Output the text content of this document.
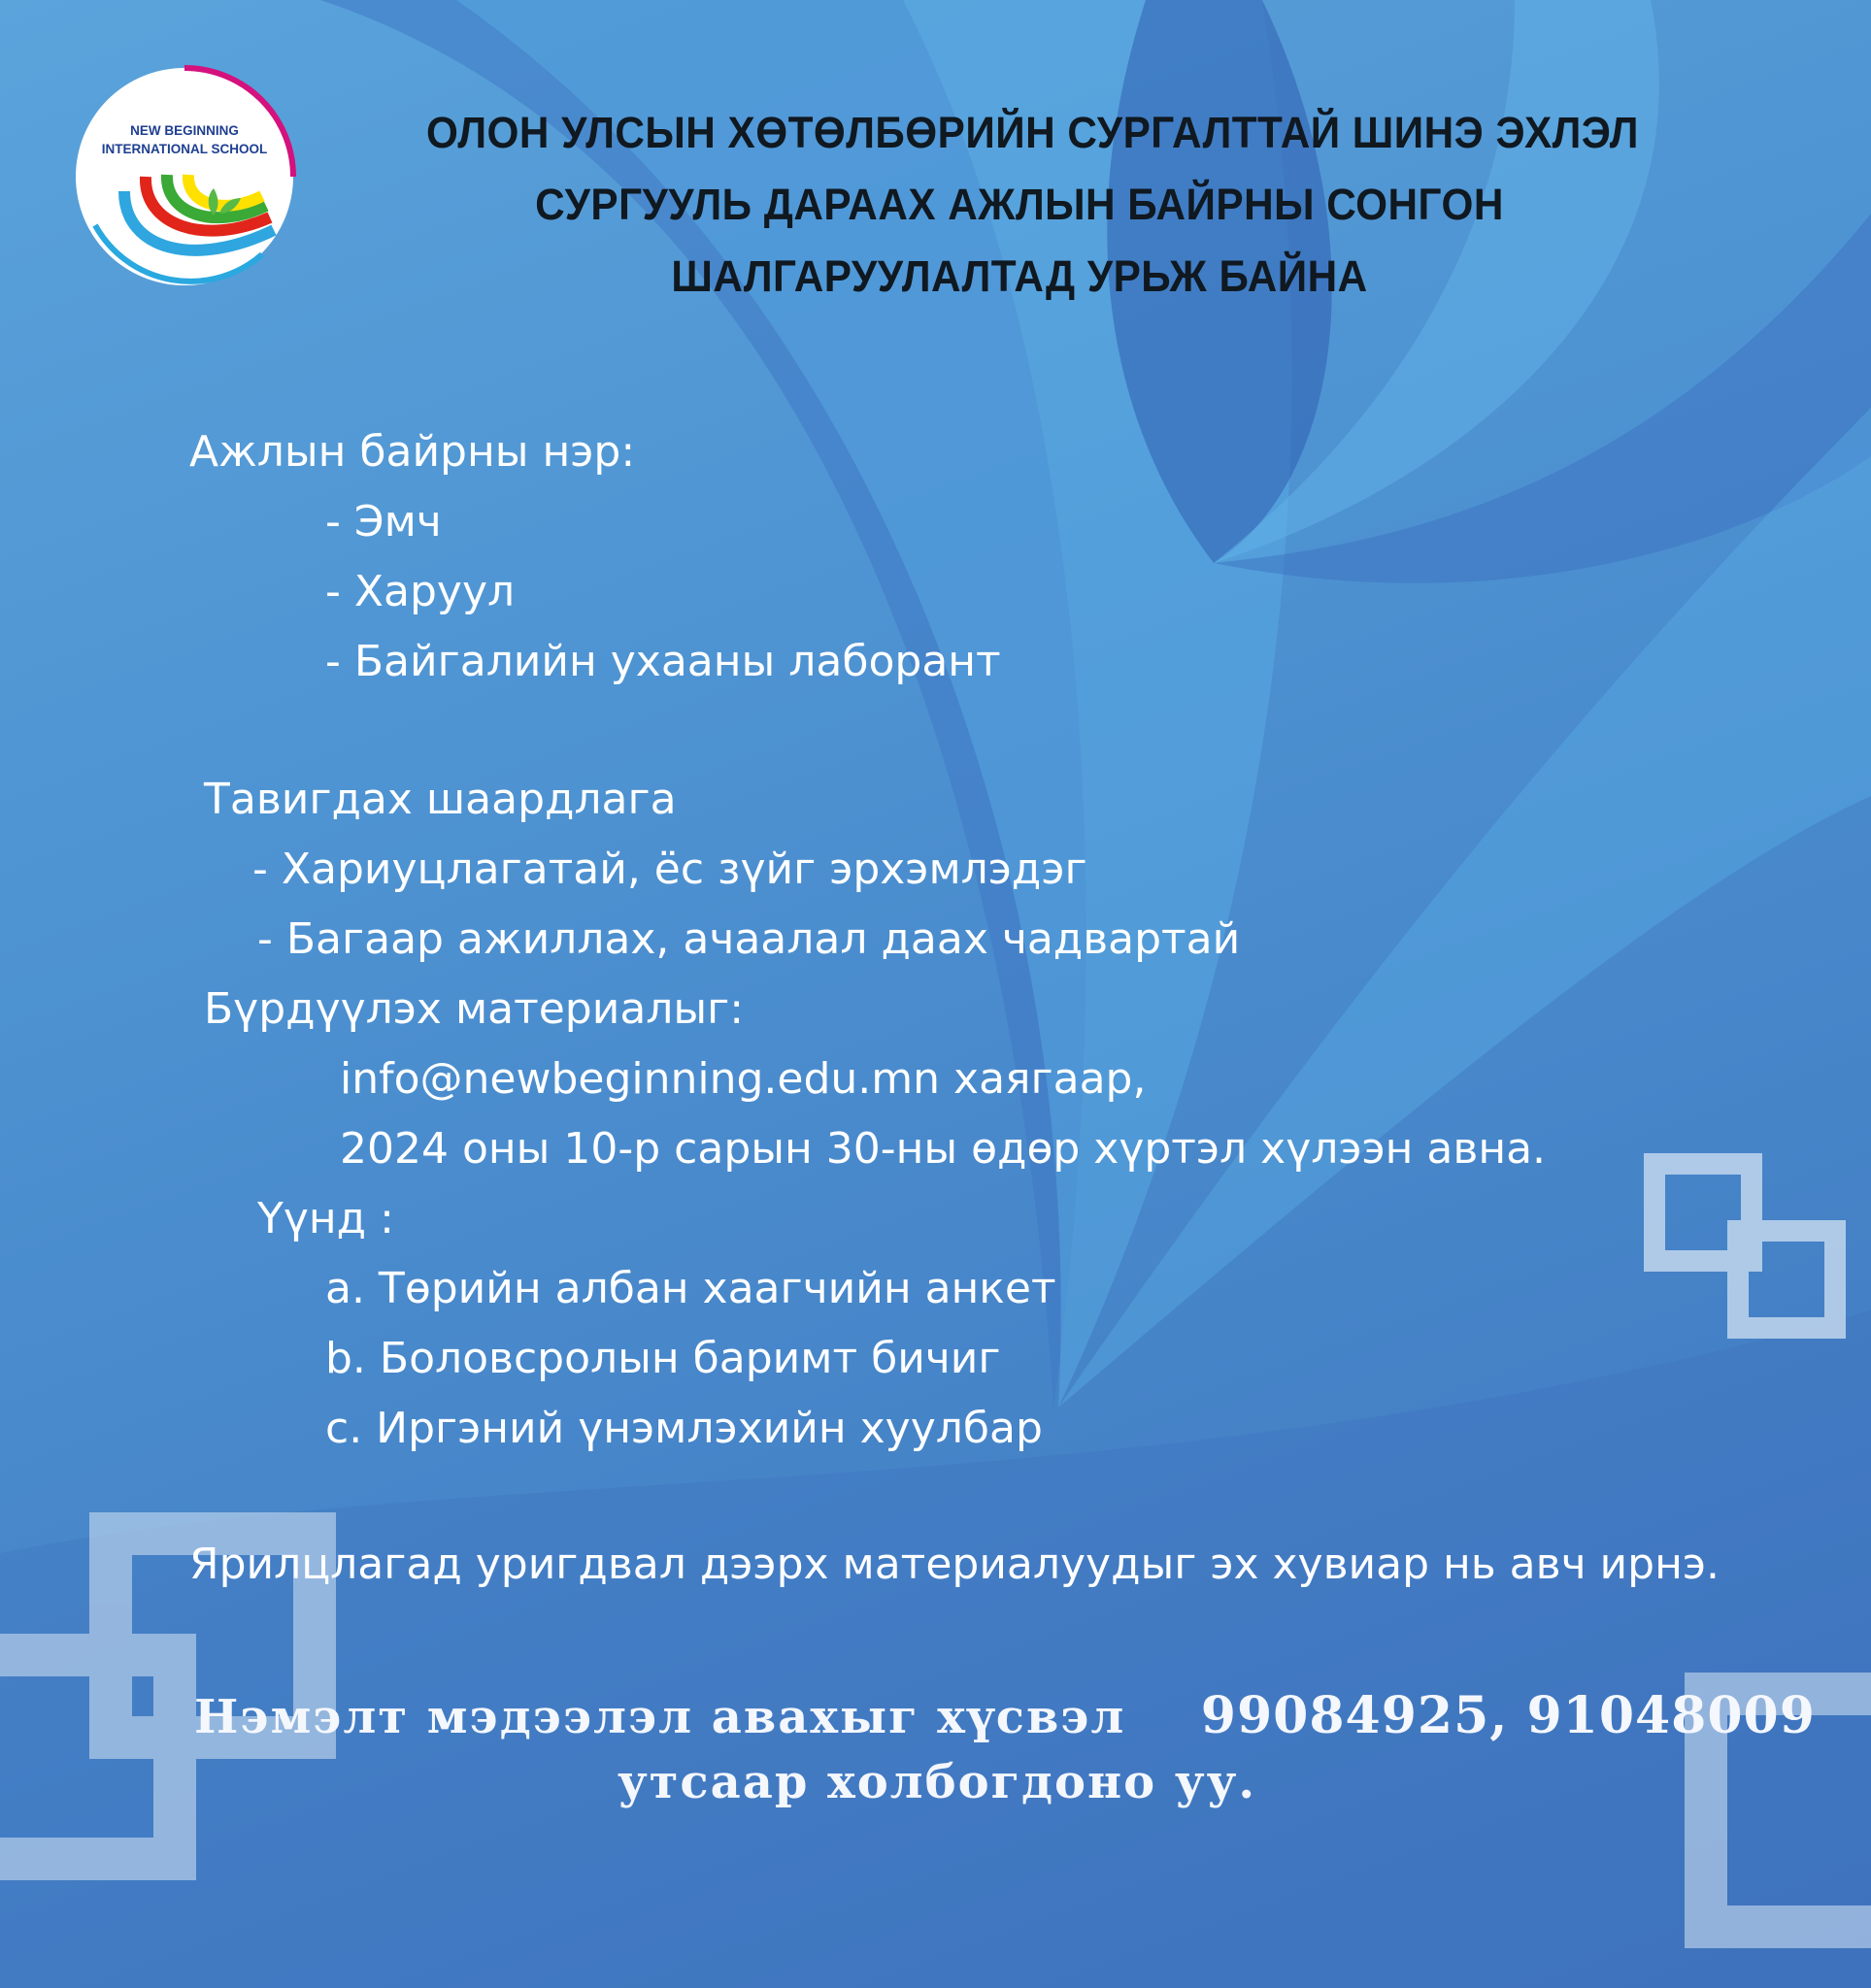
NEW BEGINNING
INTERNATIONAL SCHOOL	ОЛОН УЛСЫН ХӨТӨЛБӨРИЙН СУРГАЛТТАЙ ШИНЭ ЭХЛЭЛ
СУРГУУЛЬ ДАРААХ АЖЛЫН БАЙРНЫ СОНГОН
ШАЛГАРУУЛАЛТАД УРЬЖ БАЙНА
Ажлын байрны нэр:
- Эмч
- Харуул
- Байгалийн ухааны лаборант
Тавигдах шаардлага
- Хариуцлагатай, ёс зүйг эрхэмлэдэг
- Багаар ажиллах, ачаалал даах чадвартай
Бүрдүүлэх материалыг:
info@newbeginning.edu.mn хаягаар,
2024 оны 10-р сарын 30-ны өдөр хүртэл хүлээн авна.
Үүнд :
a. Төрийн албан хаагчийн анкет
b. Боловсролын баримт бичиг
c. Иргэний үнэмлэхийн хуулбар
Ярилцлагад уригдвал дээрх материалуудыг эх хувиар нь авч ирнэ.
Нэмэлт мэдээлэл авахыг хүсвэл 99084925, 91048009
утсаар холбогдоно уу.
